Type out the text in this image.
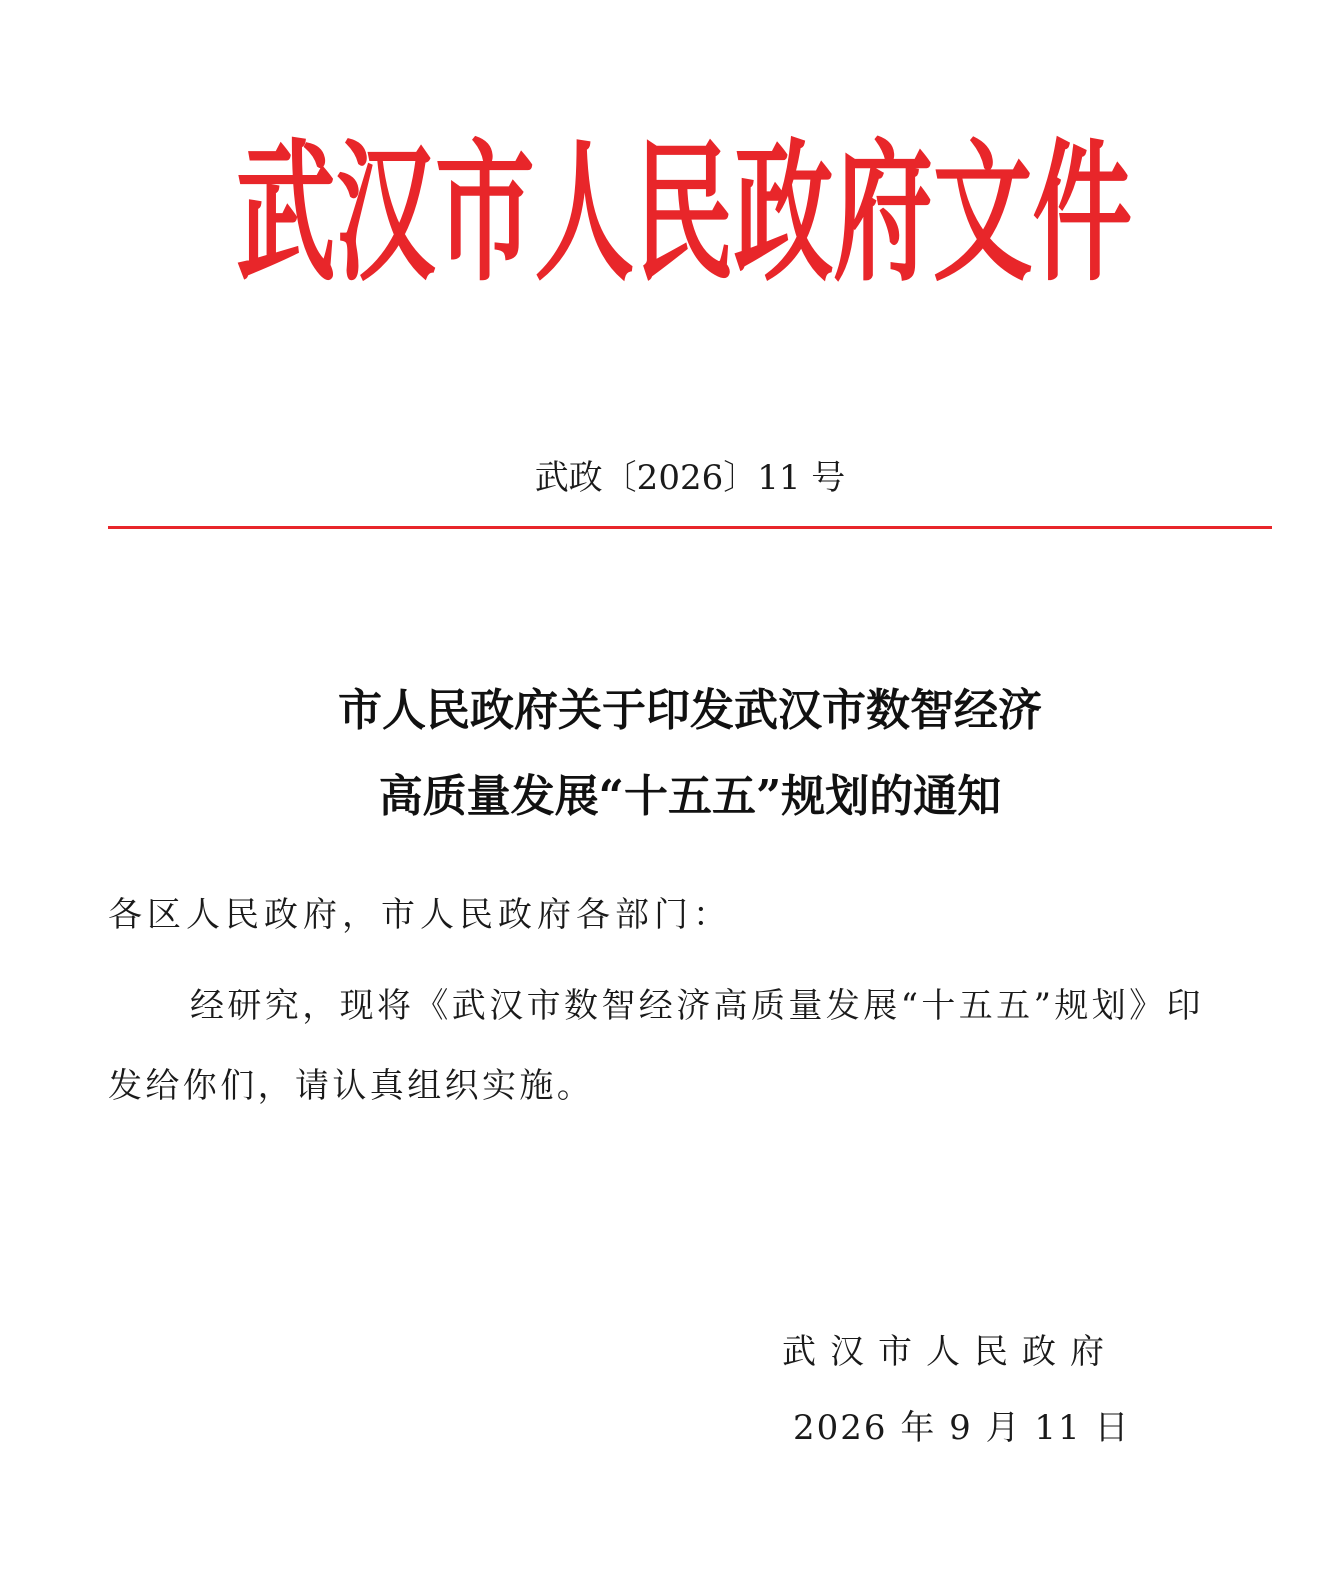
武汉市人民政府文件
武政〔2026〕11 号
市人民政府关于印发武汉市数智经济
高质量发展“十五五”规划的通知
各区人民政府，市人民政府各部门：
经研究，现将《武汉市数智经济高质量发展“十五五”规划》印
发给你们，请认真组织实施。
武汉市人民政府
2026 年 9 月 11 日
